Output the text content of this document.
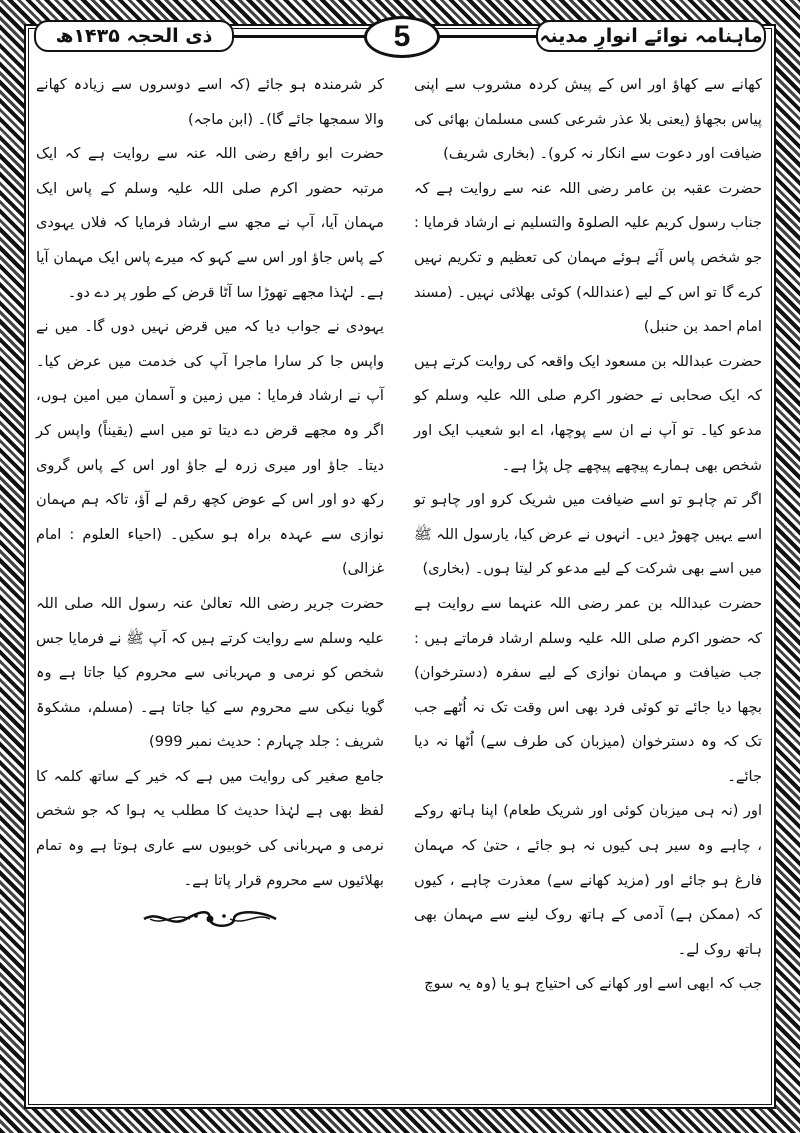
ذی الحجہ ۱۴۳۵ھ	5	ماہنامہ نوائے انوارِ مدینہ

کھانے سے کھاؤ اور اس کے پیش کردہ مشروب سے اپنی پیاس بجھاؤ (یعنی بلا عذر شرعی کسی مسلمان بھائی کی ضیافت اور دعوت سے انکار نہ کرو)۔ (بخاری شریف)

حضرت عقبہ بن عامر رضی اللہ عنہ سے روایت ہے کہ جناب رسول کریم علیہ الصلوۃ والتسلیم نے ارشاد فرمایا : جو شخص پاس آئے ہوئے مہمان کی تعظیم و تکریم نہیں کرے گا تو اس کے لیے (عنداللہ) کوئی بھلائی نہیں۔ (مسند امام احمد بن حنبل)

حضرت عبداللہ بن مسعود ایک واقعہ کی روایت کرتے ہیں کہ ایک صحابی نے حضور اکرم صلی اللہ علیہ وسلم کو مدعو کیا۔ تو آپ نے ان سے پوچھا، اے ابو شعیب ایک اور شخص بھی ہمارے پیچھے پیچھے چل پڑا ہے۔

اگر تم چاہو تو اسے ضیافت میں شریک کرو اور چاہو تو اسے یہیں چھوڑ دیں۔ انہوں نے عرض کیا، یارسول اللہ ﷺ میں اسے بھی شرکت کے لیے مدعو کر لیتا ہوں۔ (بخاری)

حضرت عبداللہ بن عمر رضی اللہ عنہما سے روایت ہے کہ حضور اکرم صلی اللہ علیہ وسلم ارشاد فرماتے ہیں : جب ضیافت و مہمان نوازی کے لیے سفرہ (دسترخوان) بچھا دیا جائے تو کوئی فرد بھی اس وقت تک نہ اُٹھے جب تک کہ وہ دسترخوان (میزبان کی طرف سے) اُٹھا نہ دیا جائے۔

اور (نہ ہی میزبان کوئی اور شریک طعام) اپنا ہاتھ روکے ، چاہے وہ سیر ہی کیوں نہ ہو جائے ، حتیٰ کہ مہمان فارغ ہو جائے اور (مزید کھانے سے) معذرت چاہے ، کیوں کہ (ممکن ہے) آدمی کے ہاتھ روک لینے سے مہمان بھی ہاتھ روک لے۔

جب کہ ابھی اسے اور کھانے کی احتیاج ہو یا (وہ یہ سوچ

کر شرمندہ ہو جائے (کہ اسے دوسروں سے زیادہ کھانے والا سمجھا جائے گا)۔ (ابن ماجہ)

حضرت ابو رافع رضی اللہ عنہ سے روایت ہے کہ ایک مرتبہ حضور اکرم صلی اللہ علیہ وسلم کے پاس ایک مہمان آیا، آپ نے مجھ سے ارشاد فرمایا کہ فلاں یہودی کے پاس جاؤ اور اس سے کہو کہ میرے پاس ایک مہمان آیا ہے۔ لہٰذا مجھے تھوڑا سا آٹا قرض کے طور پر دے دو۔

یہودی نے جواب دیا کہ میں قرض نہیں دوں گا۔ میں نے واپس جا کر سارا ماجرا آپ کی خدمت میں عرض کیا۔ آپ نے ارشاد فرمایا : میں زمین و آسمان میں امین ہوں، اگر وہ مجھے قرض دے دیتا تو میں اسے (یقیناً) واپس کر دیتا۔ جاؤ اور میری زرہ لے جاؤ اور اس کے پاس گروی رکھ دو اور اس کے عوض کچھ رقم لے آؤ، تاکہ ہم مہمان نوازی سے عہدہ براہ ہو سکیں۔ (احیاء العلوم : امام غزالی)

حضرت جریر رضی اللہ تعالیٰ عنہ رسول اللہ صلی اللہ علیہ وسلم سے روایت کرتے ہیں کہ آپ ﷺ نے فرمایا جس شخص کو نرمی و مہربانی سے محروم کیا جاتا ہے وہ گویا نیکی سے محروم سے کیا جاتا ہے۔ (مسلم، مشکوۃ شریف : جلد چہارم : حدیث نمبر 999)

جامع صغیر کی روایت میں ہے کہ خیر کے ساتھ کلمہ کا لفظ بھی ہے لہٰذا حدیث کا مطلب یہ ہوا کہ جو شخص نرمی و مہربانی کی خوبیوں سے عاری ہوتا ہے وہ تمام بھلائیوں سے محروم قرار پاتا ہے۔
